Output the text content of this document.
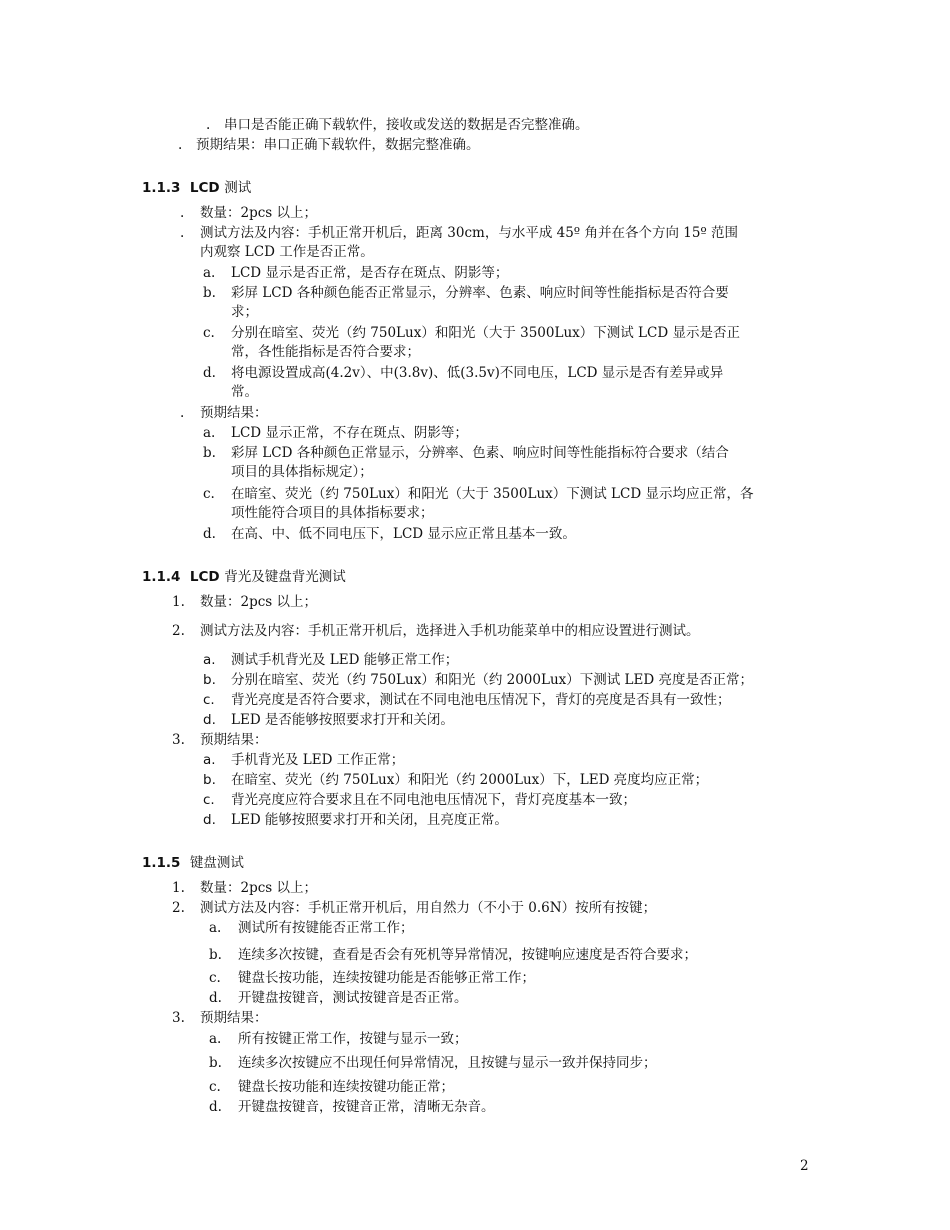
. 串口是否能正确下载软件，接收或发送的数据是否完整准确。
. 预期结果：串口正确下载软件，数据完整准确。
1.1.3 LCD 测试
. 数量：2pcs 以上；
. 测试方法及内容：手机正常开机后，距离 30cm，与水平成 45º 角并在各个方向 15º 范围
内观察 LCD 工作是否正常。
a. LCD 显示是否正常，是否存在斑点、阴影等；
b. 彩屏 LCD 各种颜色能否正常显示，分辨率、色素、响应时间等性能指标是否符合要
求；
c. 分别在暗室、荧光（约 750Lux）和阳光（大于 3500Lux）下测试 LCD 显示是否正
常，各性能指标是否符合要求；
d. 将电源设置成高(4.2v）、中(3.8v)、低(3.5v)不同电压，LCD 显示是否有差异或异
常。
. 预期结果：
a. LCD 显示正常，不存在斑点、阴影等；
b. 彩屏 LCD 各种颜色正常显示，分辨率、色素、响应时间等性能指标符合要求（结合
项目的具体指标规定）；
c. 在暗室、荧光（约 750Lux）和阳光（大于 3500Lux）下测试 LCD 显示均应正常，各
项性能符合项目的具体指标要求；
d. 在高、中、低不同电压下，LCD 显示应正常且基本一致。
1.1.4 LCD 背光及键盘背光测试
1. 数量：2pcs 以上；
2. 测试方法及内容：手机正常开机后，选择进入手机功能菜单中的相应设置进行测试。
a. 测试手机背光及 LED 能够正常工作；
b. 分别在暗室、荧光（约 750Lux）和阳光（约 2000Lux）下测试 LED 亮度是否正常；
c. 背光亮度是否符合要求，测试在不同电池电压情况下，背灯的亮度是否具有一致性；
d. LED 是否能够按照要求打开和关闭。
3. 预期结果：
a. 手机背光及 LED 工作正常；
b. 在暗室、荧光（约 750Lux）和阳光（约 2000Lux）下，LED 亮度均应正常；
c. 背光亮度应符合要求且在不同电池电压情况下，背灯亮度基本一致；
d. LED 能够按照要求打开和关闭，且亮度正常。
1.1.5 键盘测试
1. 数量：2pcs 以上；
2. 测试方法及内容：手机正常开机后，用自然力（不小于 0.6N）按所有按键；
a. 测试所有按键能否正常工作；
b. 连续多次按键，查看是否会有死机等异常情况，按键响应速度是否符合要求；
c. 键盘长按功能，连续按键功能是否能够正常工作；
d. 开键盘按键音，测试按键音是否正常。
3. 预期结果：
a. 所有按键正常工作，按键与显示一致；
b. 连续多次按键应不出现任何异常情况，且按键与显示一致并保持同步；
c. 键盘长按功能和连续按键功能正常；
d. 开键盘按键音，按键音正常，清晰无杂音。
2
